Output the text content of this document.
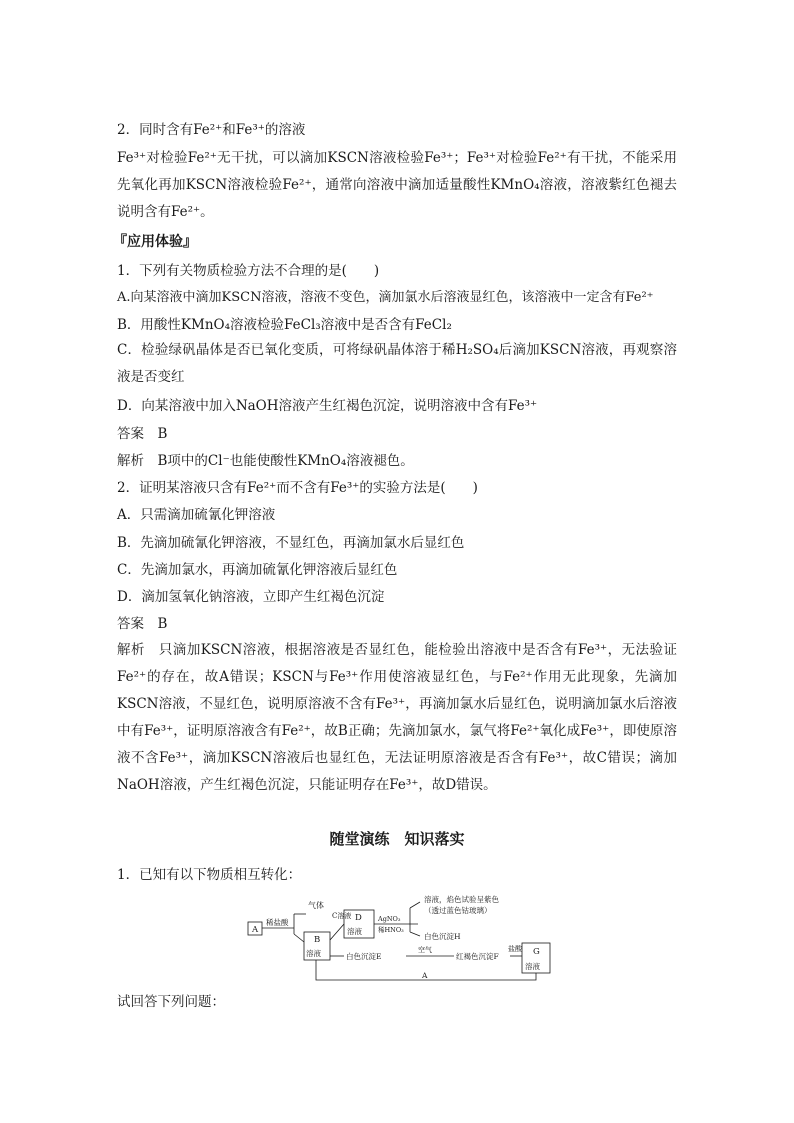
2．同时含有Fe²⁺和Fe³⁺的溶液
Fe³⁺对检验Fe²⁺无干扰，可以滴加KSCN溶液检验Fe³⁺；Fe³⁺对检验Fe²⁺有干扰，不能采用先氧化再加KSCN溶液检验Fe²⁺，通常向溶液中滴加适量酸性KMnO₄溶液，溶液紫红色褪去说明含有Fe²⁺。
『应用体验』
1．下列有关物质检验方法不合理的是(　　)
A.向某溶液中滴加KSCN溶液，溶液不变色，滴加氯水后溶液显红色，该溶液中一定含有Fe²⁺
B．用酸性KMnO₄溶液检验FeCl₃溶液中是否含有FeCl₂
C．检验绿矾晶体是否已氧化变质，可将绿矾晶体溶于稀H₂SO₄后滴加KSCN溶液，再观察溶液是否变红
D．向某溶液中加入NaOH溶液产生红褐色沉淀，说明溶液中含有Fe³⁺
答案　B
解析　B项中的Cl⁻也能使酸性KMnO₄溶液褪色。
2．证明某溶液只含有Fe²⁺而不含有Fe³⁺的实验方法是(　　)
A．只需滴加硫氰化钾溶液
B．先滴加硫氰化钾溶液，不显红色，再滴加氯水后显红色
C．先滴加氯水，再滴加硫氰化钾溶液后显红色
D．滴加氢氧化钠溶液，立即产生红褐色沉淀
答案　B
解析　只滴加KSCN溶液，根据溶液是否显红色，能检验出溶液中是否含有Fe³⁺，无法验证Fe²⁺的存在，故A错误；KSCN与Fe³⁺作用使溶液显红色，与Fe²⁺作用无此现象，先滴加KSCN溶液，不显红色，说明原溶液不含有Fe³⁺，再滴加氯水后显红色，说明滴加氯水后溶液中有Fe³⁺，证明原溶液含有Fe²⁺，故B正确；先滴加氯水，氯气将Fe²⁺氧化成Fe³⁺，即使原溶液不含Fe³⁺，滴加KSCN溶液后也显红色，无法证明原溶液是否含有Fe³⁺，故C错误；滴加NaOH溶液，产生红褐色沉淀，只能证明存在Fe³⁺，故D错误。
随堂演练　知识落实
1．已知有以下物质相互转化：
A
稀盐酸
气体
B
溶液
C溶液 D
溶液
AgNO₃
稀HNO₃
溶液，焰色试验呈紫色
（透过蓝色钴玻璃）
白色沉淀H
白色沉淀E
空气
红褐色沉淀F
盐酸 G
溶液
A
试回答下列问题：
